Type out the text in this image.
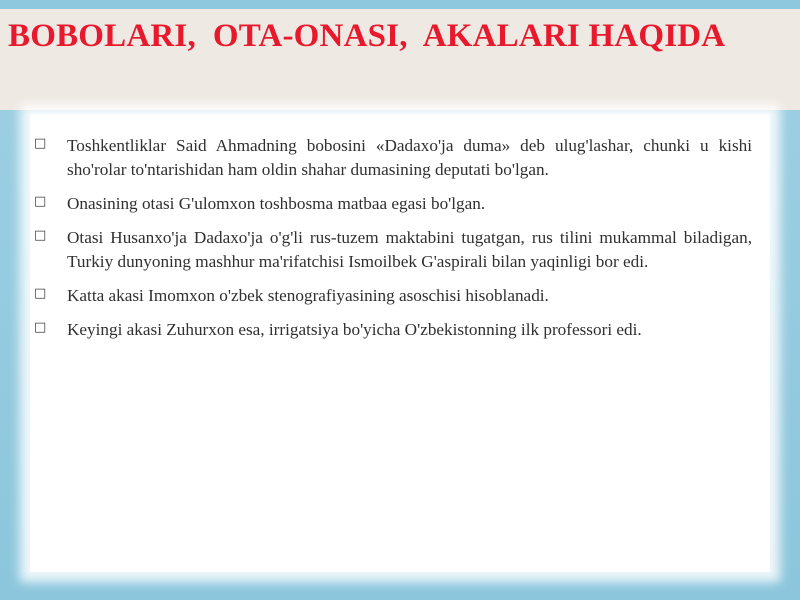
BOBOLARI,  OTA-ONASI,  AKALARI HAQIDA
□ Toshkentliklar Said Ahmadning bobosini «Dadaxo'ja duma» deb ulug'lashar, chunki u kishi sho'rolar to'ntarishidan ham oldin shahar dumasining deputati bo'lgan.
□ Onasining otasi G'ulomxon toshbosma matbaa egasi bo'lgan.
□ Otasi Husanxo'ja Dadaxo'ja o'g'li rus-tuzem maktabini tugatgan, rus tilini mukammal biladigan, Turkiy dunyoning mashhur ma'rifatchisi Ismoilbek G'aspirali bilan yaqinligi bor edi.
□ Katta akasi Imomxon o'zbek stenografiyasining asoschisi hisoblanadi.
□ Keyingi akasi Zuhurxon esa, irrigatsiya bo'yicha O'zbekistonning ilk professori edi.
